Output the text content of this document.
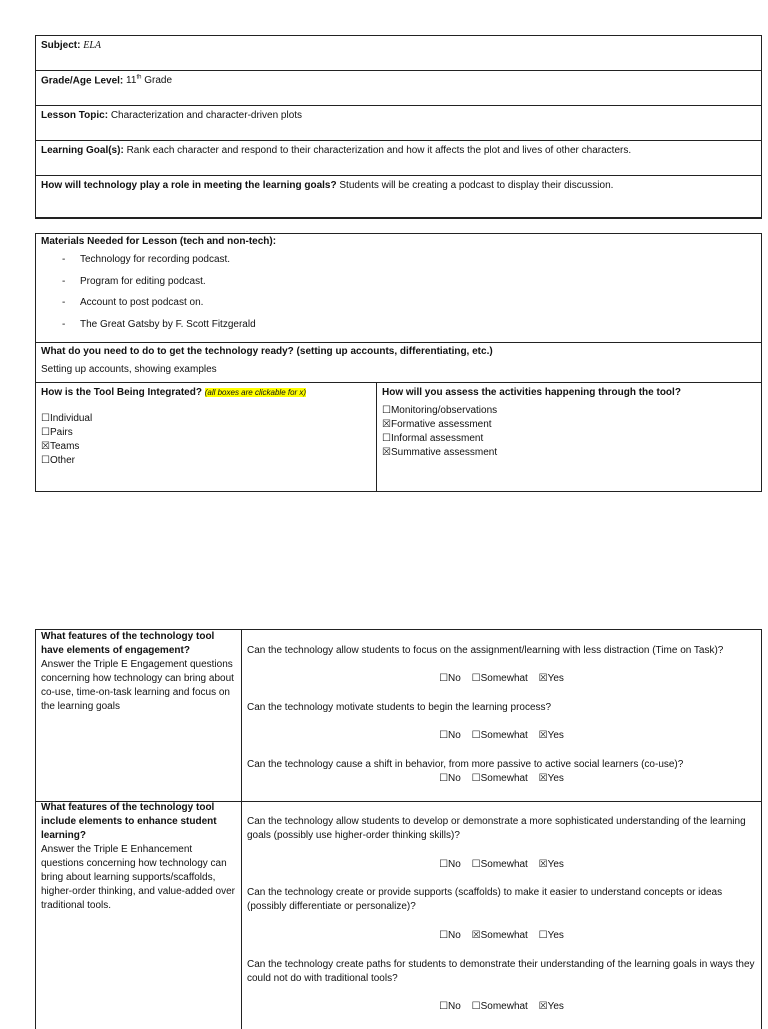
Subject: ELA
Grade/Age Level: 11th Grade
Lesson Topic: Characterization and character-driven plots
Learning Goal(s): Rank each character and respond to their characterization and how it affects the plot and lives of other characters.
How will technology play a role in meeting the learning goals? Students will be creating a podcast to display their discussion.
Materials Needed for Lesson (tech and non-tech):
- Technology for recording podcast.
- Program for editing podcast.
- Account to post podcast on.
- The Great Gatsby by F. Scott Fitzgerald
What do you need to do to get the technology ready? (setting up accounts, differentiating, etc.)
Setting up accounts, showing examples
How is the Tool Being Integrated? (all boxes are clickable for x)
☐Individual
☐Pairs
☒Teams
☐Other
How will you assess the activities happening through the tool?
☐Monitoring/observations
☒Formative assessment
☐Informal assessment
☒Summative assessment
What features of the technology tool have elements of engagement?
Answer the Triple E Engagement questions concerning how technology can bring about co-use, time-on-task learning and focus on the learning goals
Can the technology allow students to focus on the assignment/learning with less distraction (Time on Task)?
☐No ☐Somewhat ☒Yes
Can the technology motivate students to begin the learning process?
☐No ☐Somewhat ☒Yes
Can the technology cause a shift in behavior, from more passive to active social learners (co-use)?
☐No ☐Somewhat ☒Yes
What features of the technology tool include elements to enhance student learning?
Answer the Triple E Enhancement questions concerning how technology can bring about learning supports/scaffolds, higher-order thinking, and value-added over traditional tools.
Can the technology allow students to develop or demonstrate a more sophisticated understanding of the learning goals (possibly use higher-order thinking skills)?
☐No ☐Somewhat ☒Yes
Can the technology create or provide supports (scaffolds) to make it easier to understand concepts or ideas (possibly differentiate or personalize)?
☐No ☒Somewhat ☐Yes
Can the technology create paths for students to demonstrate their understanding of the learning goals in ways they could not do with traditional tools?
☐No ☐Somewhat ☒Yes
